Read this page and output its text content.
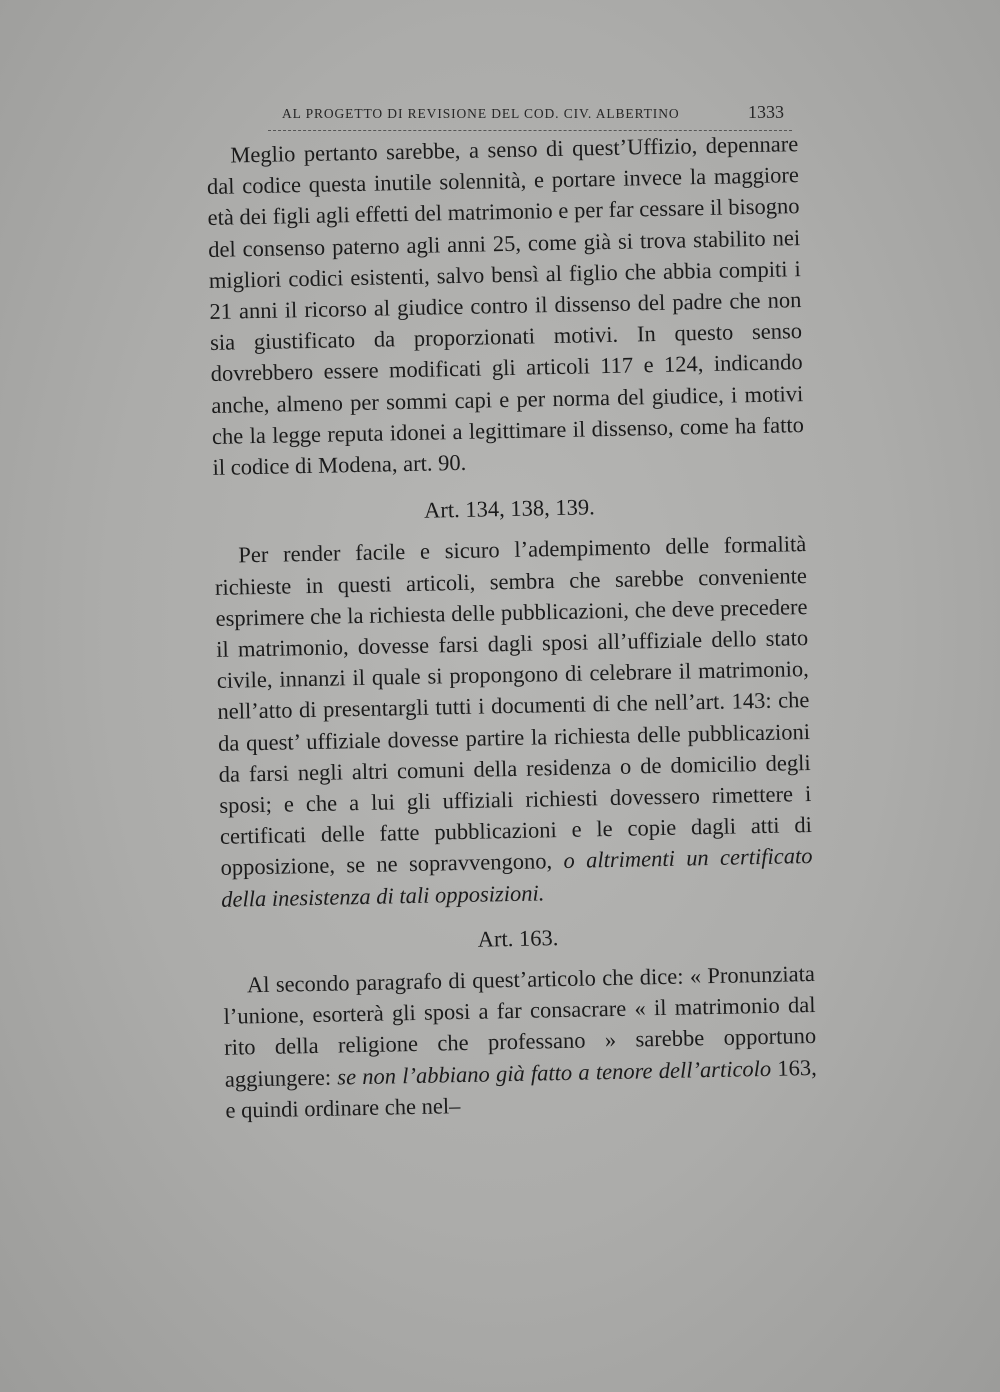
AL PROGETTO DI REVISIONE DEL COD. CIV. ALBERTINO	1333

Meglio pertanto sarebbe, a senso di quest’Uffizio, depennare dal codice questa inutile solennità, e portare invece la maggiore età dei figli agli effetti del matrimonio e per far cessare il bisogno del consenso paterno agli anni 25, come già si trova stabilito nei migliori codici esistenti, salvo bensì al figlio che abbia compiti i 21 anni il ricorso al giudice contro il dissenso del padre che non sia giustificato da proporzionati motivi. In questo senso dovrebbero essere modificati gli articoli 117 e 124, indicando anche, almeno per sommi capi e per norma del giudice, i motivi che la legge reputa idonei a legittimare il dissenso, come ha fatto il codice di Modena, art. 90.

Art. 134, 138, 139.

Per render facile e sicuro l’adempimento delle formalità richieste in questi articoli, sembra che sarebbe conveniente esprimere che la richiesta delle pubblicazioni, che deve precedere il matrimonio, dovesse farsi dagli sposi all’uffiziale dello stato civile, innanzi il quale si propongono di celebrare il matrimonio, nell’atto di presentargli tutti i documenti di che nell’art. 143: che da quest’ uffiziale dovesse partire la richiesta delle pubblicazioni da farsi negli altri comuni della residenza o de domicilio degli sposi; e che a lui gli uffiziali richiesti dovessero rimettere i certificati delle fatte pubblicazioni e le copie dagli atti di opposizione, se ne sopravvengono, o altrimenti un certificato della inesistenza di tali opposizioni.

Art. 163.

Al secondo paragrafo di quest’articolo che dice: « Pronunziata l’unione, esorterà gli sposi a far consacrare « il matrimonio dal rito della religione che professano » sarebbe opportuno aggiungere: se non l’abbiano già fatto a tenore dell’articolo 163, e quindi ordinare che nel–
